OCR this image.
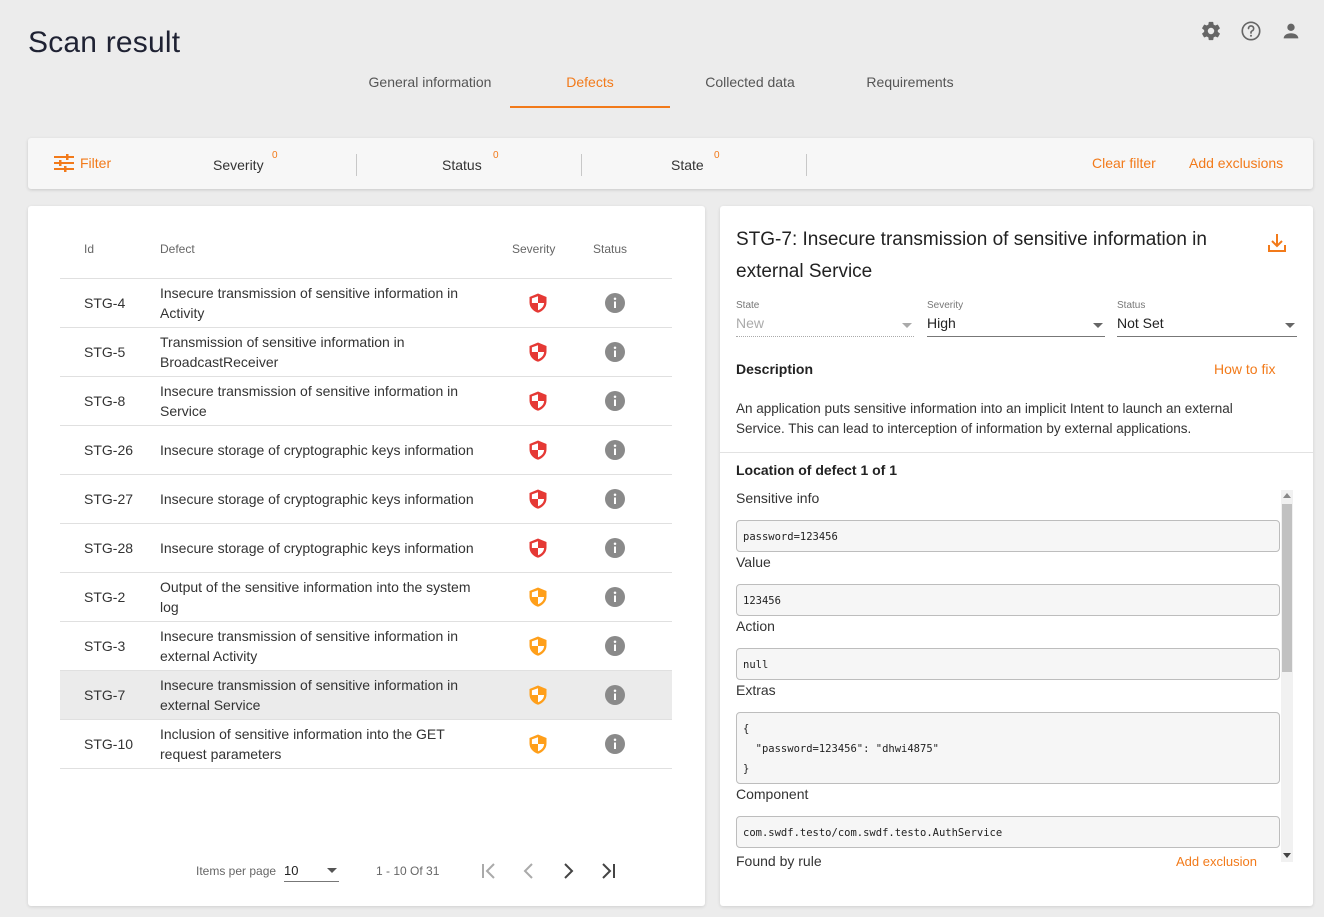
Scan result
General information	Defects	Collected data	Requirements
Filter	Severity
0
Status
0
State
0	Clear filter Add exclusions
Id	Defect	Severity	Status
STG-4
Insecure transmission of sensitive information in Activity
STG-5
Transmission of sensitive information in BroadcastReceiver
STG-8
Insecure transmission of sensitive information in Service
STG-26 Insecure storage of cryptographic keys information
STG-27 Insecure storage of cryptographic keys information
STG-28 Insecure storage of cryptographic keys information
STG-2
Output of the sensitive information into the system log
STG-3
Insecure transmission of sensitive information in external Activity
STG-7
Insecure transmission of sensitive information in external Service
STG-10
Inclusion of sensitive information into the GET request parameters
Items per page 10	1 - 10 Of 31
STG-7: Insecure transmission of sensitive information in external Service
State
New
Severity
High
Status
Not Set
Description	How to fix
An application puts sensitive information into an implicit Intent to launch an external Service. This can lead to interception of information by external applications.
Location of defect 1 of 1
Sensitive info
password=123456
Value
123456
Action
null
Extras
{
"password=123456": "dhwi4875"
}
Component
com.swdf.testo/com.swdf.testo.AuthService
Found by rule	Add exclusion
